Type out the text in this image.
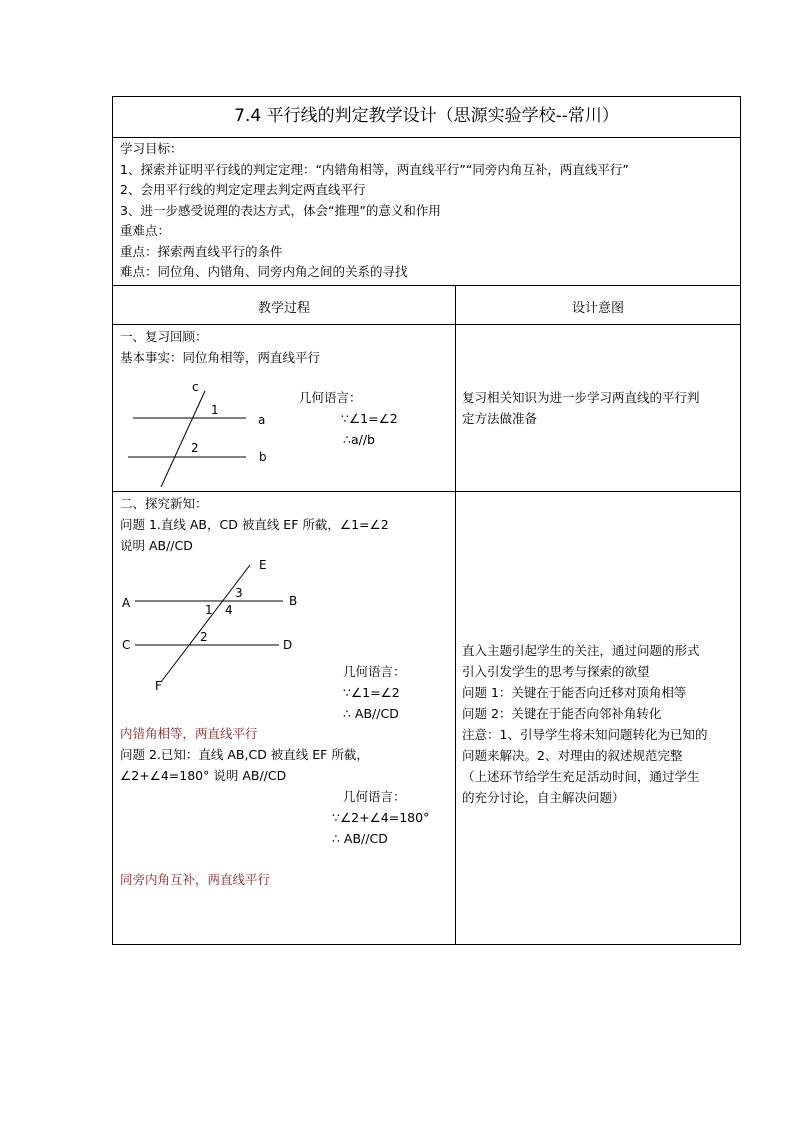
7.4 平行线的判定教学设计（思源实验学校--常川）
学习目标：
1、探索并证明平行线的判定定理：“内错角相等，两直线平行”“同旁内角互补，两直线平行”
2、会用平行线的判定定理去判定两直线平行
3、进一步感受说理的表达方式，体会“推理”的意义和作用
重难点：
重点：探索两直线平行的条件
难点：同位角、内错角、同旁内角之间的关系的寻找
教学过程	设计意图
一、复习回顾：
基本事实：同位角相等，两直线平行
c
1
a
2
b
几何语言：
∵∠1=∠2
∴a//b
复习相关知识为进一步学习两直线的平行判
定方法做准备
二、探究新知：
问题 1.直线 AB，CD 被直线 EF 所截，∠1=∠2
说明 AB//CD
E
A	B
3
1 4
C
2
D
F
几何语言：
∵∠1=∠2
∴ AB//CD
内错角相等，两直线平行
问题 2.已知：直线 AB,CD 被直线 EF 所截，
∠2+∠4=180° 说明 AB//CD
几何语言：
∵∠2+∠4=180°
∴ AB//CD
同旁内角互补，两直线平行
直入主题引起学生的关注，通过问题的形式
引入引发学生的思考与探索的欲望
问题 1：关键在于能否向迁移对顶角相等
问题 2：关键在于能否向邻补角转化
注意：1、引导学生将未知问题转化为已知的
问题来解决。2、对理由的叙述规范完整
（上述环节给学生充足活动时间，通过学生
的充分讨论，自主解决问题）
